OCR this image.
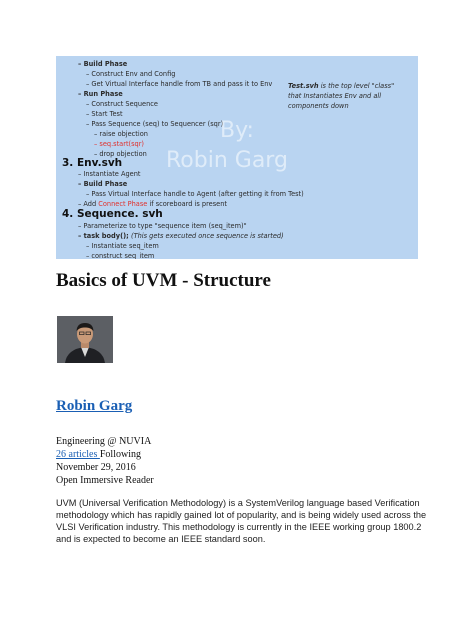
– Build Phase
– Construct Env and Config
– Get Virtual Interface handle from TB and pass it to Env
– Run Phase
– Construct Sequence
– Start Test
– Pass Sequence (seq) to Sequencer (sqr)
– raise objection
– seq.start(sqr)
– drop objection
3. Env.svh
– Instantiate Agent
– Build Phase
– Pass Virtual Interface handle to Agent (after getting it from Test)
– Add Connect Phase if scoreboard is present
4. Sequence. svh
– Parameterize to type "sequence item (seq_item)"
– task body(); (This gets executed once sequence is started)
– Instantiate seq_item
– construct seq_item
Test.svh is the top level "class" that Instantiates Env and all components down
By:
Robin Garg
Basics of UVM - Structure
Robin Garg
Engineering @ NUVIA
26 articles Following
November 29, 2016
Open Immersive Reader

UVM (Universal Verification Methodology) is a SystemVerilog language based Verification methodology which has rapidly gained lot of popularity, and is being widely used across the VLSI Verification industry. This methodology is currently in the IEEE working group 1800.2 and is expected to become an IEEE standard soon.
